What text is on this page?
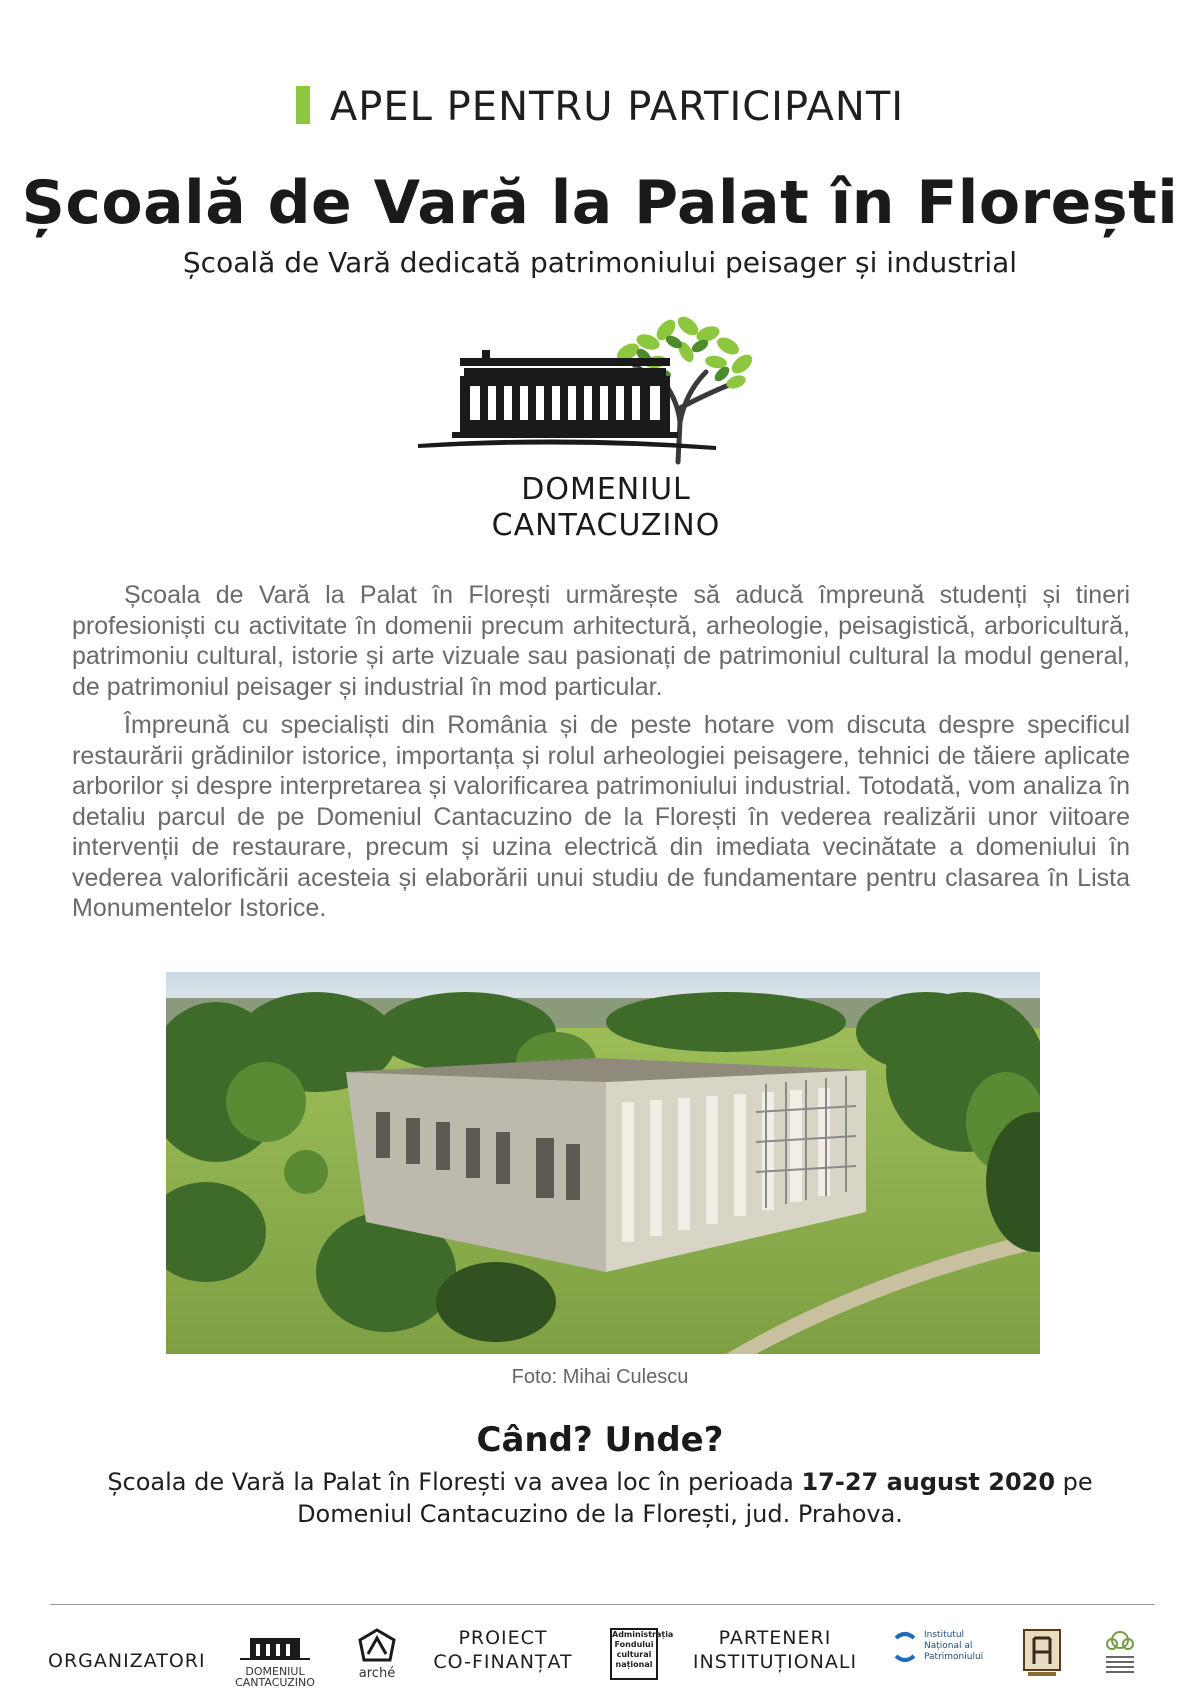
APEL PENTRU PARTICIPANTI
Școală de Vară la Palat în Florești
Școală de Vară dedicată patrimoniului peisager și industrial
DOMENIUL
CANTACUZINO

Școala de Vară la Palat în Florești urmărește să aducă împreună studenți și tineri profesioniști cu activitate în domenii precum arhitectură, arheologie, peisagistică, arboricultură, patrimoniu cultural, istorie și arte vizuale sau pasionați de patrimoniul cultural la modul general, de patrimoniul peisager și industrial în mod particular.

Împreună cu specialiști din România și de peste hotare vom discuta despre specificul restaurării grădinilor istorice, importanța și rolul arheologiei peisagere, tehnici de tăiere aplicate arborilor și despre interpretarea și valorificarea patrimoniului industrial. Totodată, vom analiza în detaliu parcul de pe Domeniul Cantacuzino de la Florești în vederea realizării unor viitoare intervenții de restaurare, precum și uzina electrică din imediata vecinătate a domeniului în vederea valorificării acesteia și elaborării unui studiu de fundamentare pentru clasarea în Lista Monumentelor Istorice.

Foto: Mihai Culescu
Când? Unde?
Școala de Vară la Palat în Florești va avea loc în perioada 17-27 august 2020 pe
Domeniul Cantacuzino de la Florești, jud. Prahova.
ORGANIZATORI	DOMENIUL
CANTACUZINO
arché
PROIECT
CO-FINANȚAT
Administrația
Fondului
cultural
național
PARTENERI
INSTITUȚIONALI
Institutul
Național al
Patrimoniului
